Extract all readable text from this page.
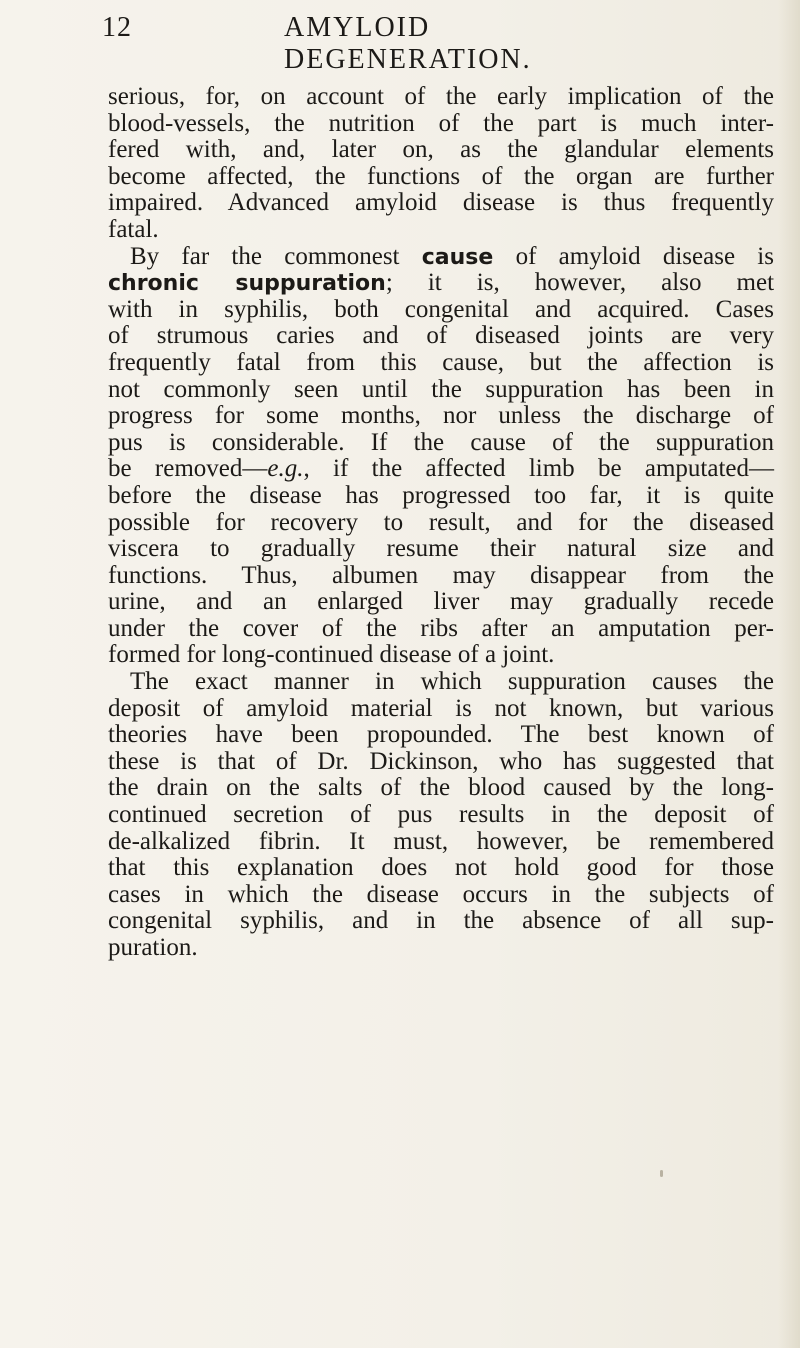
12	AMYLOID DEGENERATION.
serious, for, on account of the early implication of the
blood-vessels, the nutrition of the part is much inter-
fered with, and, later on, as the glandular elements
become affected, the functions of the organ are further
impaired. Advanced amyloid disease is thus frequently
fatal.
By far the commonest cause of amyloid disease is
chronic suppuration; it is, however, also met
with in syphilis, both congenital and acquired. Cases
of strumous caries and of diseased joints are very
frequently fatal from this cause, but the affection is
not commonly seen until the suppuration has been in
progress for some months, nor unless the discharge of
pus is considerable. If the cause of the suppuration
be removed—e.g., if the affected limb be amputated—
before the disease has progressed too far, it is quite
possible for recovery to result, and for the diseased
viscera to gradually resume their natural size and
functions. Thus, albumen may disappear from the
urine, and an enlarged liver may gradually recede
under the cover of the ribs after an amputation per-
formed for long-continued disease of a joint.
The exact manner in which suppuration causes the
deposit of amyloid material is not known, but various
theories have been propounded. The best known of
these is that of Dr. Dickinson, who has suggested that
the drain on the salts of the blood caused by the long-
continued secretion of pus results in the deposit of
de-alkalized fibrin. It must, however, be remembered
that this explanation does not hold good for those
cases in which the disease occurs in the subjects of
congenital syphilis, and in the absence of all sup-
puration.
